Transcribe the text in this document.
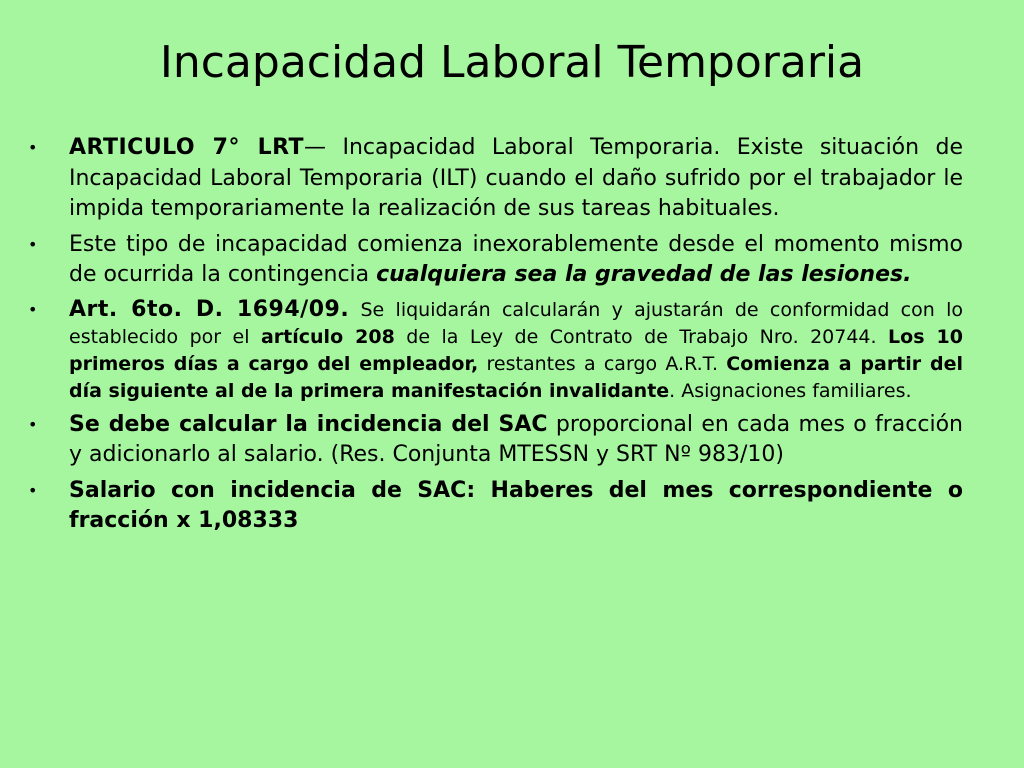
Incapacidad Laboral Temporaria
• ARTICULO 7° LRT— Incapacidad Laboral Temporaria. Existe situación de Incapacidad Laboral Temporaria (ILT) cuando el daño sufrido por el trabajador le impida temporariamente la realización de sus tareas habituales.
• Este tipo de incapacidad comienza inexorablemente desde el momento mismo de ocurrida la contingencia cualquiera sea la gravedad de las lesiones.
• Art. 6to. D. 1694/09. Se liquidarán calcularán y ajustarán de conformidad con lo establecido por el artículo 208 de la Ley de Contrato de Trabajo Nro. 20744. Los 10 primeros días a cargo del empleador, restantes a cargo A.R.T. Comienza a partir del día siguiente al de la primera manifestación invalidante. Asignaciones familiares.
• Se debe calcular la incidencia del SAC proporcional en cada mes o fracción y adicionarlo al salario. (Res. Conjunta MTESSN y SRT Nº 983/10)
• Salario con incidencia de SAC: Haberes del mes correspondiente o fracción x 1,08333
